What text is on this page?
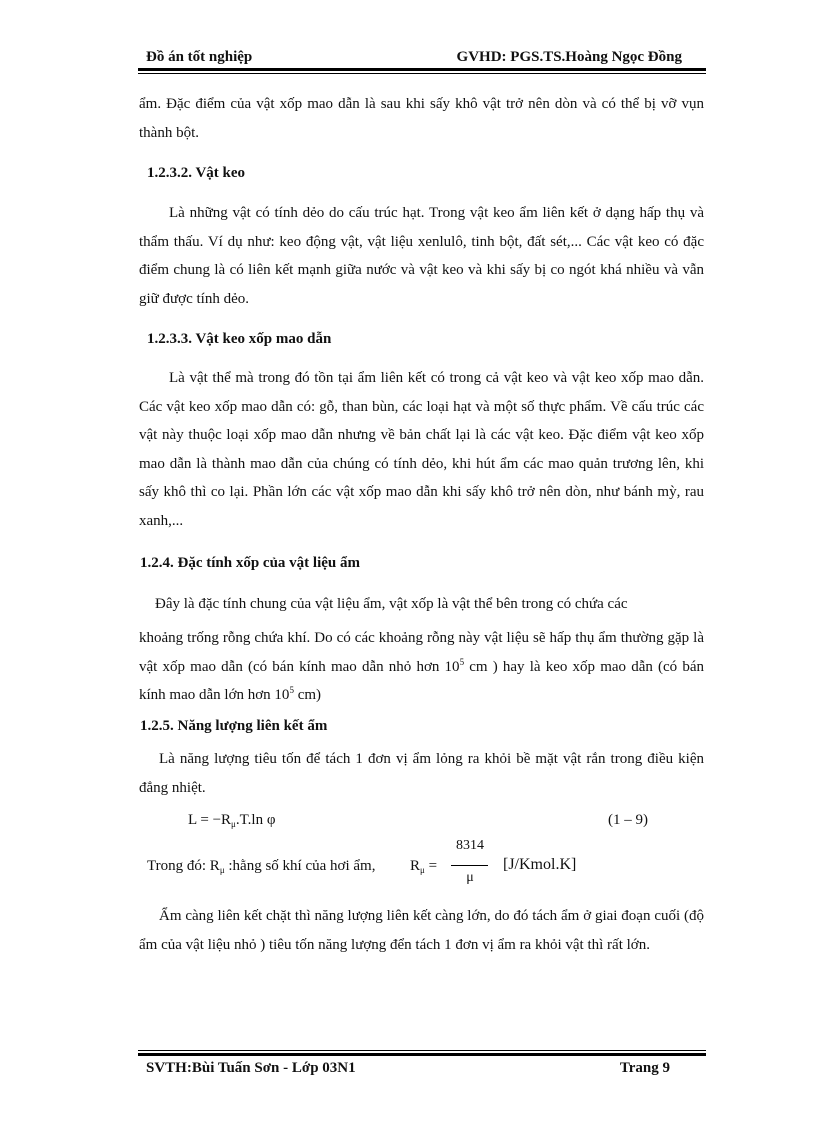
Đồ án tốt nghiệp	GVHD: PGS.TS.Hoàng Ngọc Đồng

ẩm. Đặc điểm của vật xốp mao dẫn là sau khi sấy khô vật trở nên dòn và có thể bị vỡ vụn thành bột.

1.2.3.2. Vật keo

Là những vật có tính dẻo do cấu trúc hạt. Trong vật keo ẩm liên kết ở dạng hấp thụ và thẩm thấu. Ví dụ như: keo động vật, vật liệu xenlulô, tinh bột, đất sét,... Các vật keo có đặc điểm chung là có liên kết mạnh giữa nước và vật keo và khi sấy bị co ngót khá nhiều và vẫn giữ được tính dẻo.

1.2.3.3. Vật keo xốp mao dẫn

Là vật thể mà trong đó tồn tại ẩm liên kết có trong cả vật keo và vật keo xốp mao dẫn. Các vật keo xốp mao dẫn có: gỗ, than bùn, các loại hạt và một số thực phẩm. Về cấu trúc các vật này thuộc loại xốp mao dẫn nhưng về bản chất lại là các vật keo. Đặc điểm vật keo xốp mao dẫn là thành mao dẫn của chúng có tính dẻo, khi hút ẩm các mao quản trương lên, khi sấy khô thì co lại. Phần lớn các vật xốp mao dẫn khi sấy khô trở nên dòn, như bánh mỳ, rau xanh,...

1.2.4. Đặc tính xốp của vật liệu ẩm

Đây là đặc tính chung của vật liệu ẩm, vật xốp là vật thể bên trong có chứa các

khoảng trống rỗng chứa khí. Do có các khoảng rỗng này vật liệu sẽ hấp thụ ẩm thường gặp là vật xốp mao dẫn (có bán kính mao dẫn nhỏ hơn $10^5$ cm ) hay là keo xốp mao dẫn (có bán kính mao dẫn lớn hơn $10^5$ cm)

1.2.5. Năng lượng liên kết ẩm

Là năng lượng tiêu tốn để tách 1 đơn vị ẩm lỏng ra khỏi bề mặt vật rắn trong điều kiện đẳng nhiệt.

$L = -R_\mu.T.\ln$ φ	(1 – 9)
Trong đó: $R_\mu$ :hằng số khí của hơi ẩm, $R_\mu$ =
8314
μ
[J/Kmol.K]

Ẩm càng liên kết chặt thì năng lượng liên kết càng lớn, do đó tách ẩm ở giai đoạn cuối (độ ẩm của vật liệu nhỏ ) tiêu tốn năng lượng đển tách 1 đơn vị ẩm ra khỏi vật thì rất lớn.

SVTH:Bùi Tuấn Sơn - Lớp 03N1	Trang 9
